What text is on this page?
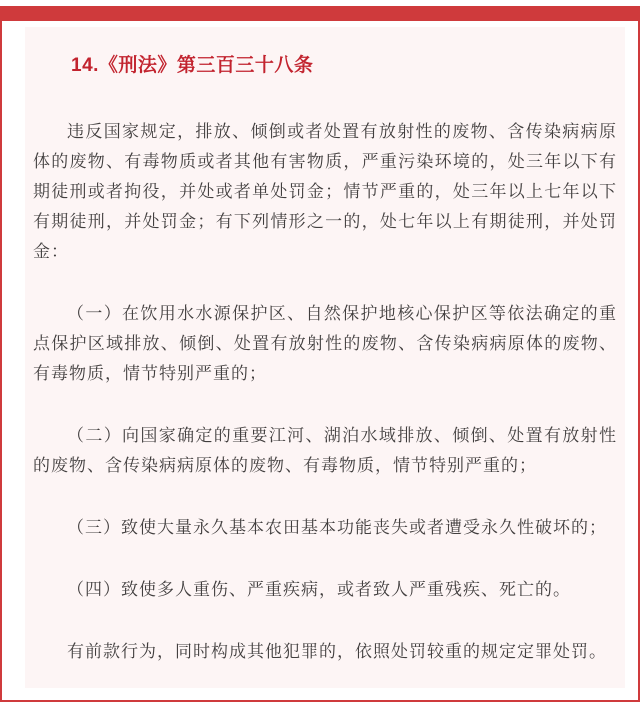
14.《刑法》第三百三十八条

违反国家规定，排放、倾倒或者处置有放射性的废物、含传染病病原体的废物、有毒物质或者其他有害物质，严重污染环境的，处三年以下有期徒刑或者拘役，并处或者单处罚金；情节严重的，处三年以上七年以下有期徒刑，并处罚金；有下列情形之一的，处七年以上有期徒刑，并处罚金：

（一）在饮用水水源保护区、自然保护地核心保护区等依法确定的重点保护区域排放、倾倒、处置有放射性的废物、含传染病病原体的废物、有毒物质，情节特别严重的；

（二）向国家确定的重要江河、湖泊水域排放、倾倒、处置有放射性的废物、含传染病病原体的废物、有毒物质，情节特别严重的；

（三）致使大量永久基本农田基本功能丧失或者遭受永久性破坏的；

（四）致使多人重伤、严重疾病，或者致人严重残疾、死亡的。

有前款行为，同时构成其他犯罪的，依照处罚较重的规定定罪处罚。
